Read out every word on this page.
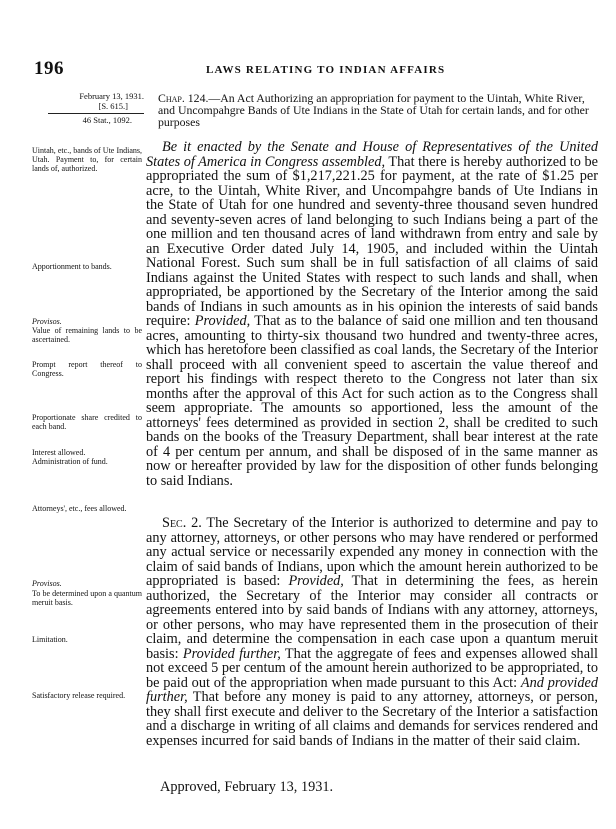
196	LAWS RELATING TO INDIAN AFFAIRS
February 13, 1931.
[S. 615.]
46 Stat., 1092.
Chap. 124.—An Act Authorizing an appropriation for payment to the Uintah, White River, and Uncompahgre Bands of Ute Indians in the State of Utah for certain lands, and for other purposes
Uintah, etc., bands of Ute Indians, Utah. Payment to, for certain lands of, authorized.
Apportionment to bands.
Provisos.
Value of remaining lands to be ascertained.
Prompt report thereof to Congress.
Proportionate share credited to each band.
Interest allowed.
Administration of fund.
Attorneys', etc., fees allowed.
Provisos.
To be determined upon a quantum meruit basis.
Limitation.
Satisfactory release required.
Be it enacted by the Senate and House of Representatives of the United States of America in Congress assembled, That there is hereby authorized to be appropriated the sum of $1,217,221.25 for payment, at the rate of $1.25 per acre, to the Uintah, White River, and Uncompahgre bands of Ute Indians in the State of Utah for one hundred and seventy-three thousand seven hundred and seventy-seven acres of land belonging to such Indians being a part of the one million and ten thousand acres of land withdrawn from entry and sale by an Executive Order dated July 14, 1905, and included within the Uintah National Forest. Such sum shall be in full satisfaction of all claims of said Indians against the United States with respect to such lands and shall, when appropriated, be apportioned by the Secretary of the Interior among the said bands of Indians in such amounts as in his opinion the interests of said bands require: Provided, That as to the balance of said one million and ten thousand acres, amounting to thirty-six thousand two hundred and twenty-three acres, which has heretofore been classified as coal lands, the Secretary of the Interior shall proceed with all convenient speed to ascertain the value thereof and report his findings with respect thereto to the Congress not later than six months after the approval of this Act for such action as to the Congress shall seem appropriate. The amounts so apportioned, less the amount of the attorneys' fees determined as provided in section 2, shall be credited to such bands on the books of the Treasury Department, shall bear interest at the rate of 4 per centum per annum, and shall be disposed of in the same manner as now or hereafter provided by law for the disposition of other funds belonging to said Indians.
Sec. 2. The Secretary of the Interior is authorized to determine and pay to any attorney, attorneys, or other persons who may have rendered or performed any actual service or necessarily expended any money in connection with the claim of said bands of Indians, upon which the amount herein authorized to be appropriated is based: Provided, That in determining the fees, as herein authorized, the Secretary of the Interior may consider all contracts or agreements entered into by said bands of Indians with any attorney, attorneys, or other persons, who may have represented them in the prosecution of their claim, and determine the compensation in each case upon a quantum meruit basis: Provided further, That the aggregate of fees and expenses allowed shall not exceed 5 per centum of the amount herein authorized to be appropriated, to be paid out of the appropriation when made pursuant to this Act: And provided further, That before any money is paid to any attorney, attorneys, or person, they shall first execute and deliver to the Secretary of the Interior a satisfaction and a discharge in writing of all claims and demands for services rendered and expenses incurred for said bands of Indians in the matter of their said claim.
Approved, February 13, 1931.
